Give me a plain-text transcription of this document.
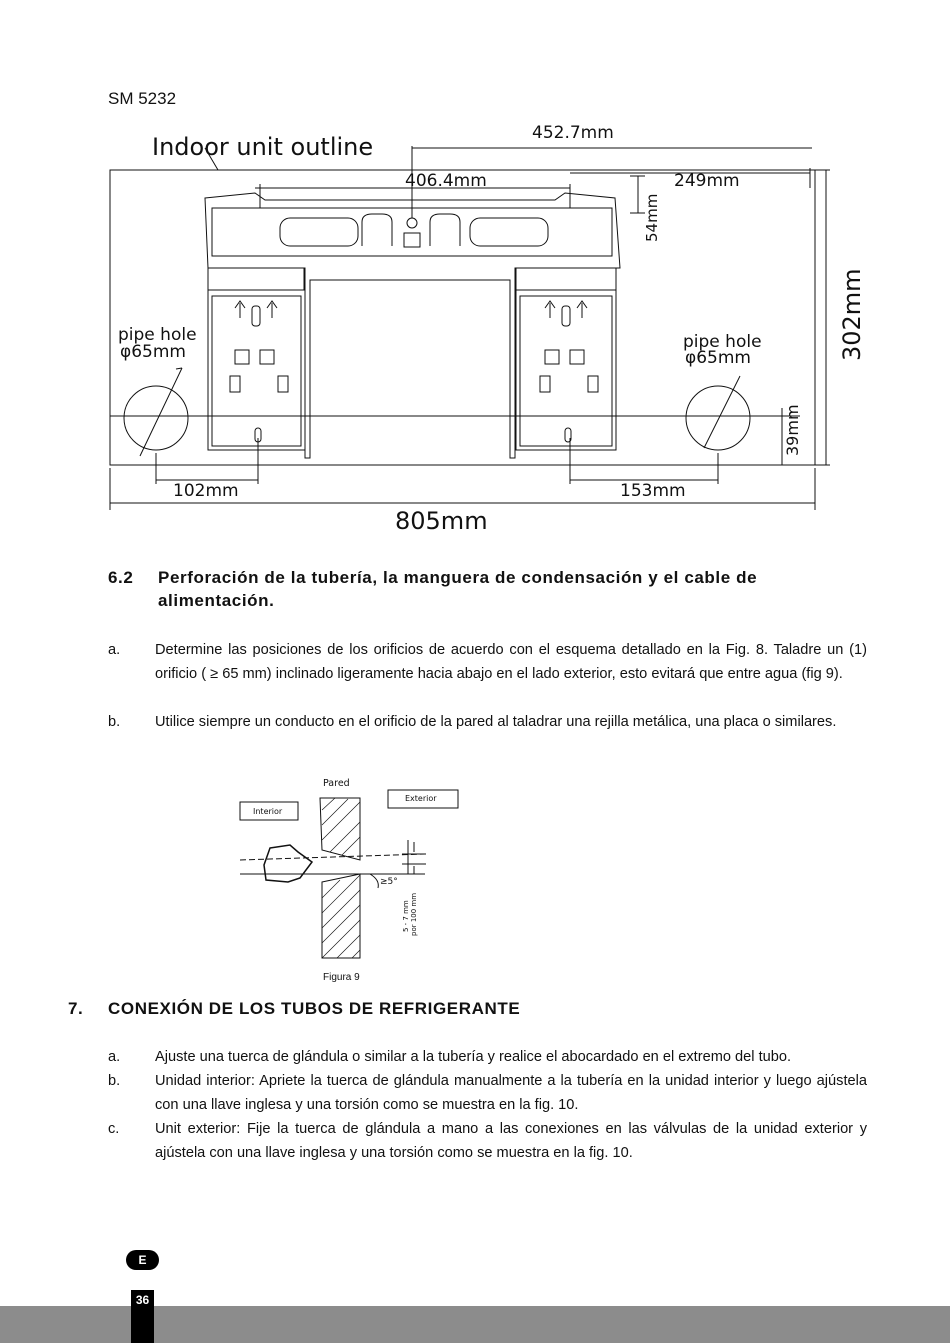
SM 5232
Indoor unit outline	452.7mm
406.4mm	249mm
54mm
302mm
39mm
102mm	153mm
805mm
pipe hole
φ65mm	pipe hole
φ65mm
6.2 Perforación de la tubería, la manguera de condensación y el cable de alimentación.
a.	Determine las posiciones de los orificios de acuerdo con el esquema detallado en la Fig. 8. Taladre un (1) orificio ( ≥ 65 mm) inclinado ligeramente hacia abajo en el lado exterior, esto evitará que entre agua (fig 9).
b.	Utilice siempre un conducto en el orificio de la pared al taladrar una rejilla metálica, una placa o similares.
Pared
Interior
Exterior
≥5°
5 - 7 mm por 100 mm
Figura 9
7. CONEXIÓN DE LOS TUBOS DE REFRIGERANTE
a.	Ajuste una tuerca de glándula o similar a la tubería y realice el abocardado en el extremo del tubo.
b.	Unidad interior: Apriete la tuerca de glándula manualmente a la tubería en la unidad interior y luego ajústela con una llave inglesa y una torsión como se muestra en la fig. 10.
c.	Unit exterior: Fije la tuerca de glándula a mano a las conexiones en las válvulas de la unidad exterior y ajústela con una llave inglesa y una torsión como se muestra en la fig. 10.
E
36
